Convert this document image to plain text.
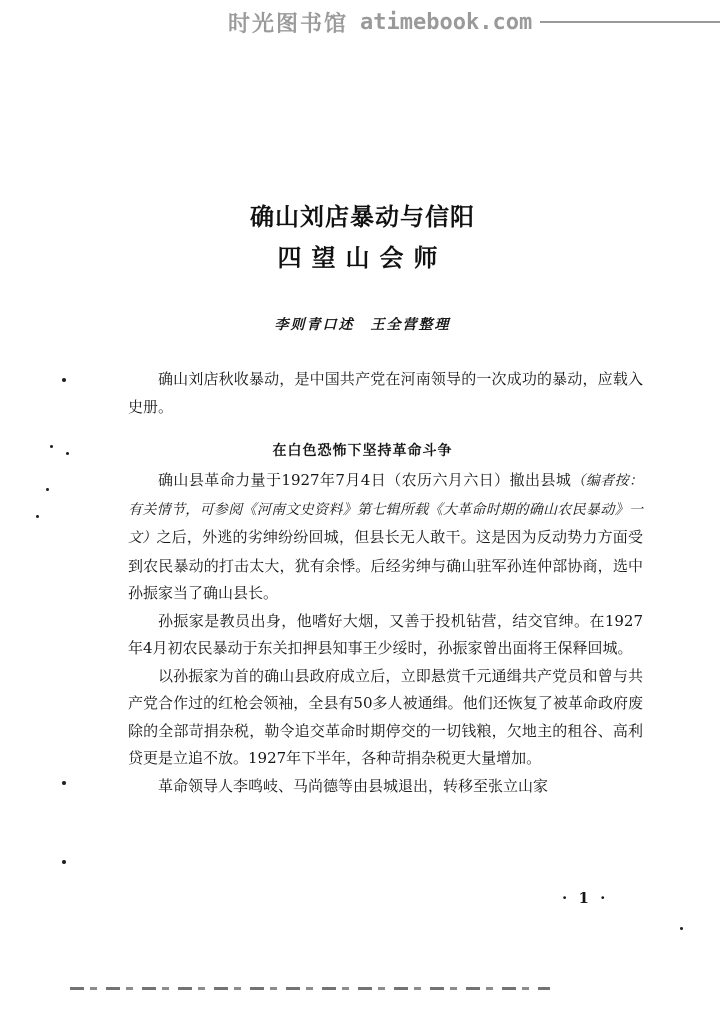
时光图书馆 atimebook.com
确山刘店暴动与信阳
四望山会师
李则青口述　王全营整理

确山刘店秋收暴动，是中国共产党在河南领导的一次成功的暴动，应载入史册。

在白色恐怖下坚持革命斗争

确山县革命力量于1927年7月4日（农历六月六日）撤出县城（编者按：有关情节，可参阅《河南文史资料》第七辑所载《大革命时期的确山农民暴动》一文）之后，外逃的劣绅纷纷回城，但县长无人敢干。这是因为反动势力方面受到农民暴动的打击太大，犹有余悸。后经劣绅与确山驻军孙连仲部协商，选中孙振家当了确山县长。

孙振家是教员出身，他嗜好大烟，又善于投机钻营，结交官绅。在1927年4月初农民暴动于东关扣押县知事王少绥时，孙振家曾出面将王保释回城。

以孙振家为首的确山县政府成立后，立即悬赏千元通缉共产党员和曾与共产党合作过的红枪会领袖，全县有50多人被通缉。他们还恢复了被革命政府废除的全部苛捐杂税，勒令追交革命时期停交的一切钱粮，欠地主的租谷、高利贷更是立追不放。1927年下半年，各种苛捐杂税更大量增加。

革命领导人李鸣岐、马尚德等由县城退出，转移至张立山家

· 1 ·
